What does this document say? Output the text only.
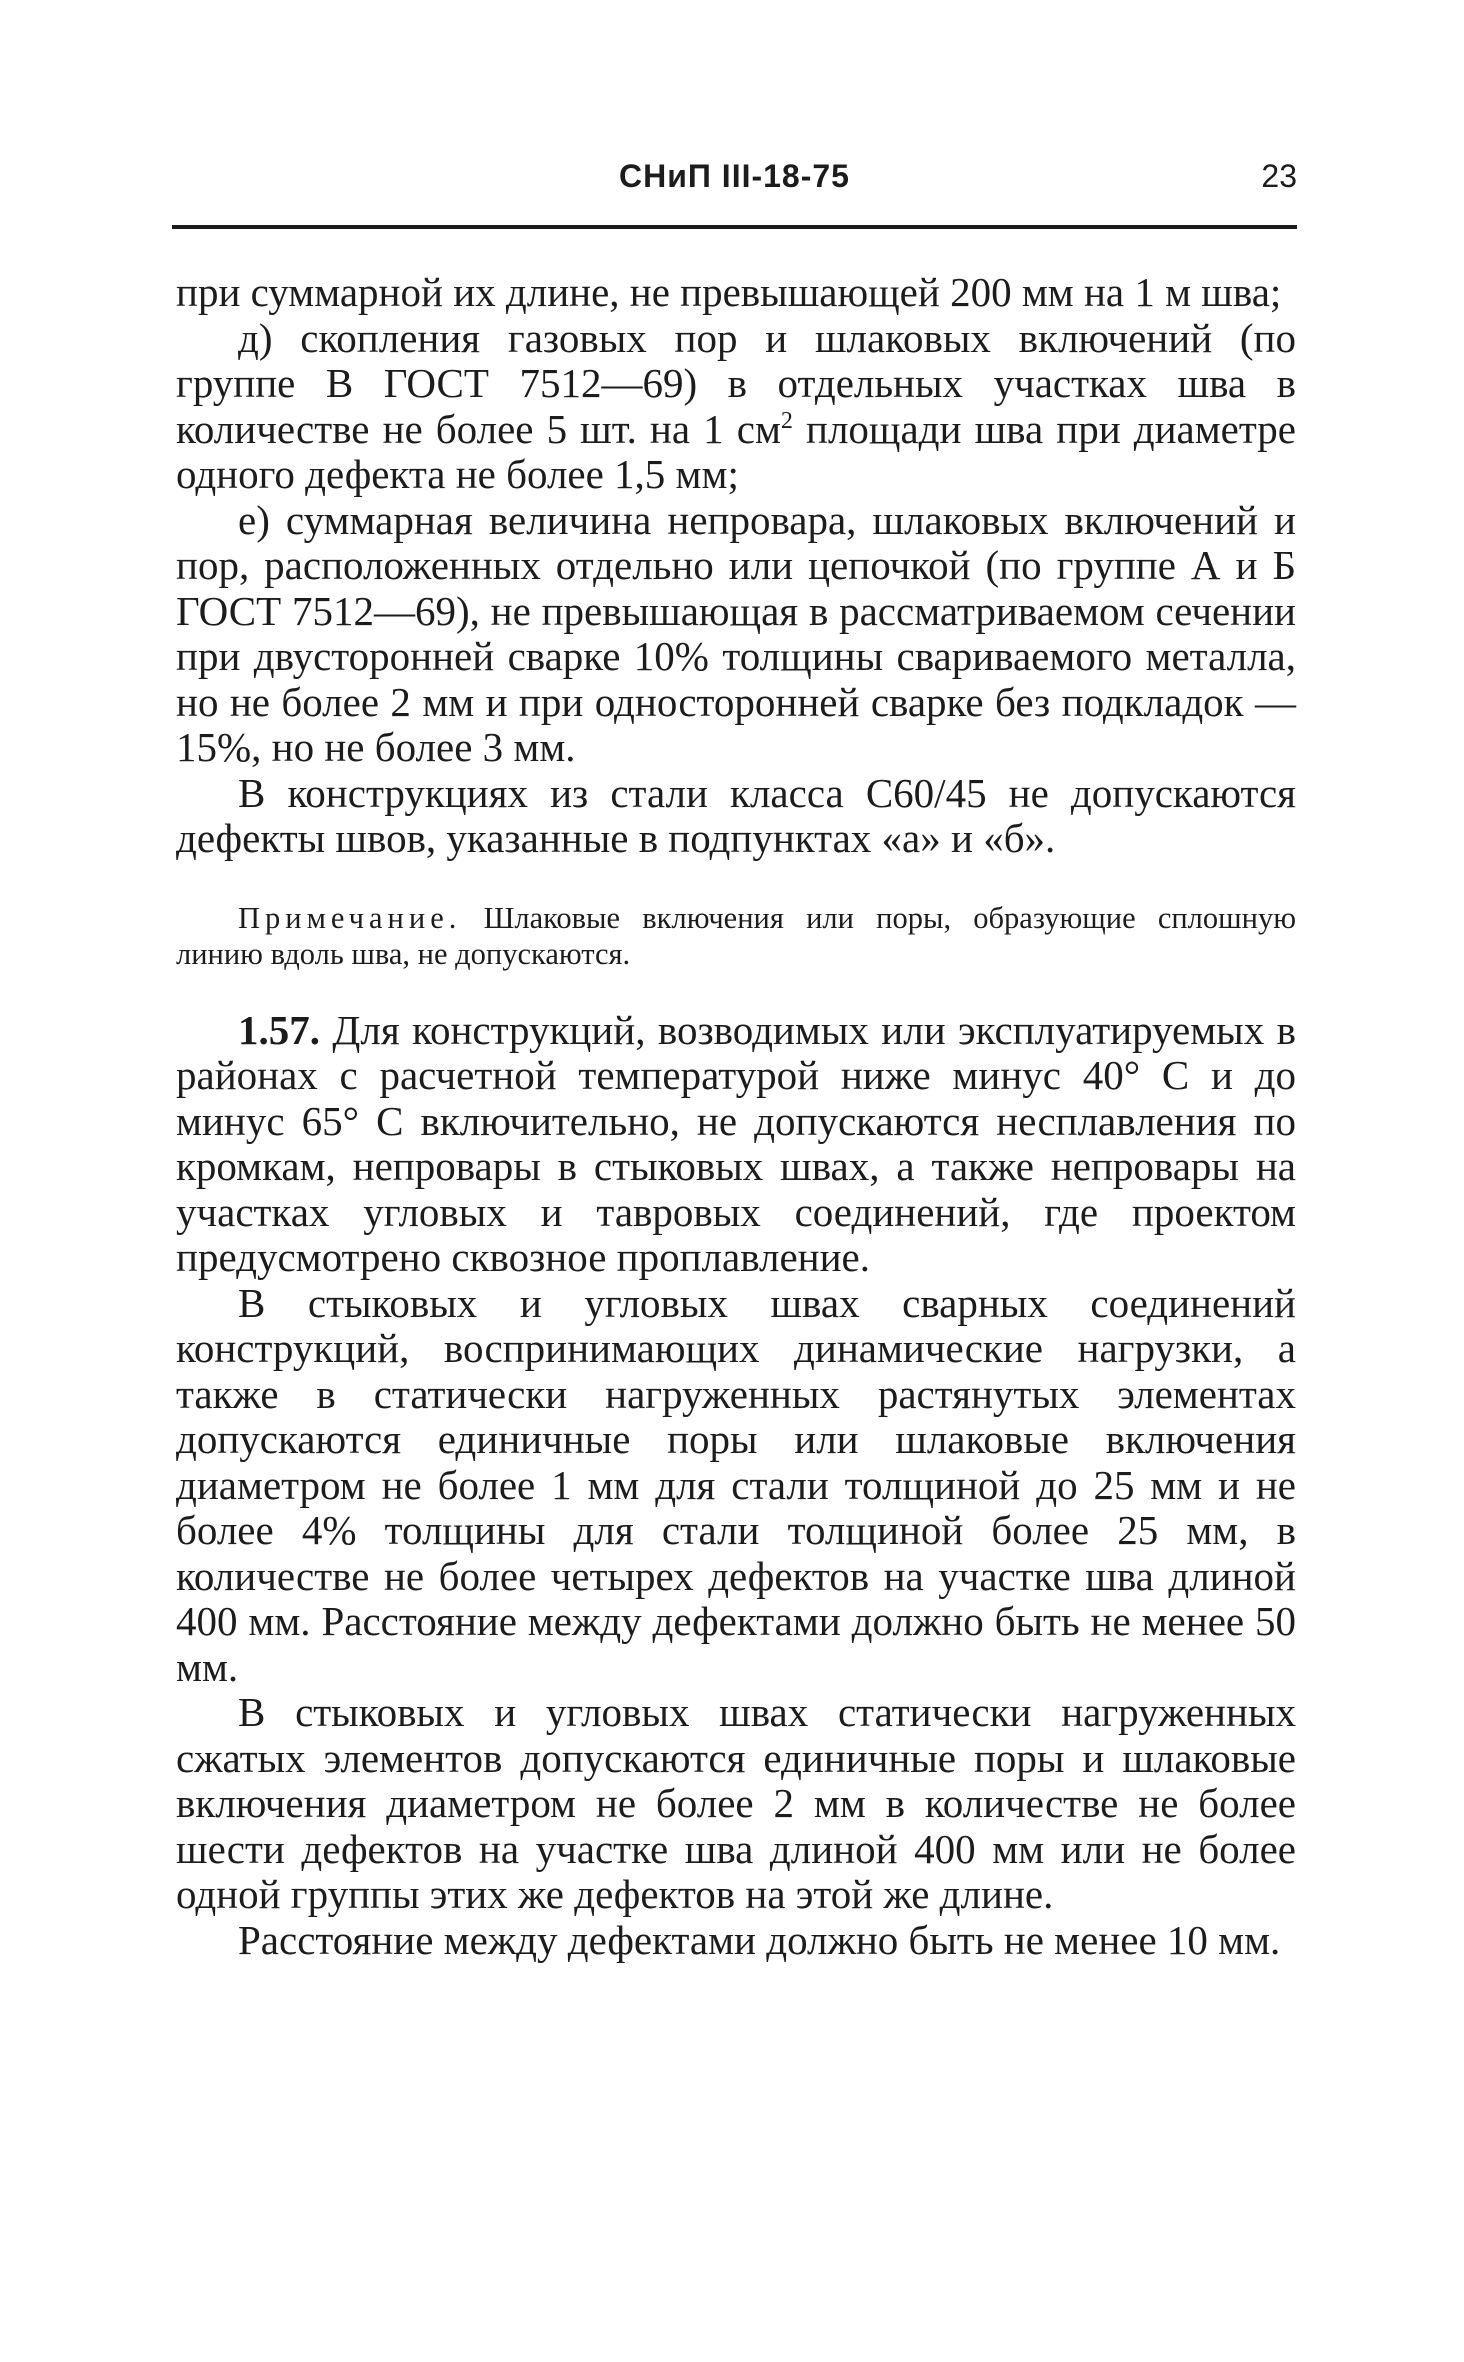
СНиП III-18-75	23

при суммарной их длине, не превышающей 200 мм на 1 м шва;

д) скопления газовых пор и шлаковых включений (по группе В ГОСТ 7512—69) в отдельных участках шва в количестве не более 5 шт. на 1 $см^2$ площади шва при диаметре одного дефекта не более 1,5 мм;

е) суммарная величина непровара, шлаковых включений и пор, расположенных отдельно или цепочкой (по группе А и Б ГОСТ 7512—69), не превышающая в рассматриваемом сечении при двусторонней сварке 10% толщины свариваемого металла, но не более 2 мм и при односторонней сварке без подкладок — 15%, но не более 3 мм.

В конструкциях из стали класса С60/45 не допускаются дефекты швов, указанные в подпунктах «а» и «б».

Примечание. Шлаковые включения или поры, образующие сплошную линию вдоль шва, не допускаются.

1.57. Для конструкций, возводимых или эксплуатируемых в районах с расчетной температурой ниже минус 40° С и до минус 65° С включительно, не допускаются несплавления по кромкам, непровары в стыковых швах, а также непровары на участках угловых и тавровых соединений, где проектом предусмотрено сквозное проплавление.

В стыковых и угловых швах сварных соединений конструкций, воспринимающих динамические нагрузки, а также в статически нагруженных растянутых элементах допускаются единичные поры или шлаковые включения диаметром не более 1 мм для стали толщиной до 25 мм и не более 4% толщины для стали толщиной более 25 мм, в количестве не более четырех дефектов на участке шва длиной 400 мм. Расстояние между дефектами должно быть не менее 50 мм.

В стыковых и угловых швах статически нагруженных сжатых элементов допускаются единичные поры и шлаковые включения диаметром не более 2 мм в количестве не более шести дефектов на участке шва длиной 400 мм или не более одной группы этих же дефектов на этой же длине.

Расстояние между дефектами должно быть не менее 10 мм.
